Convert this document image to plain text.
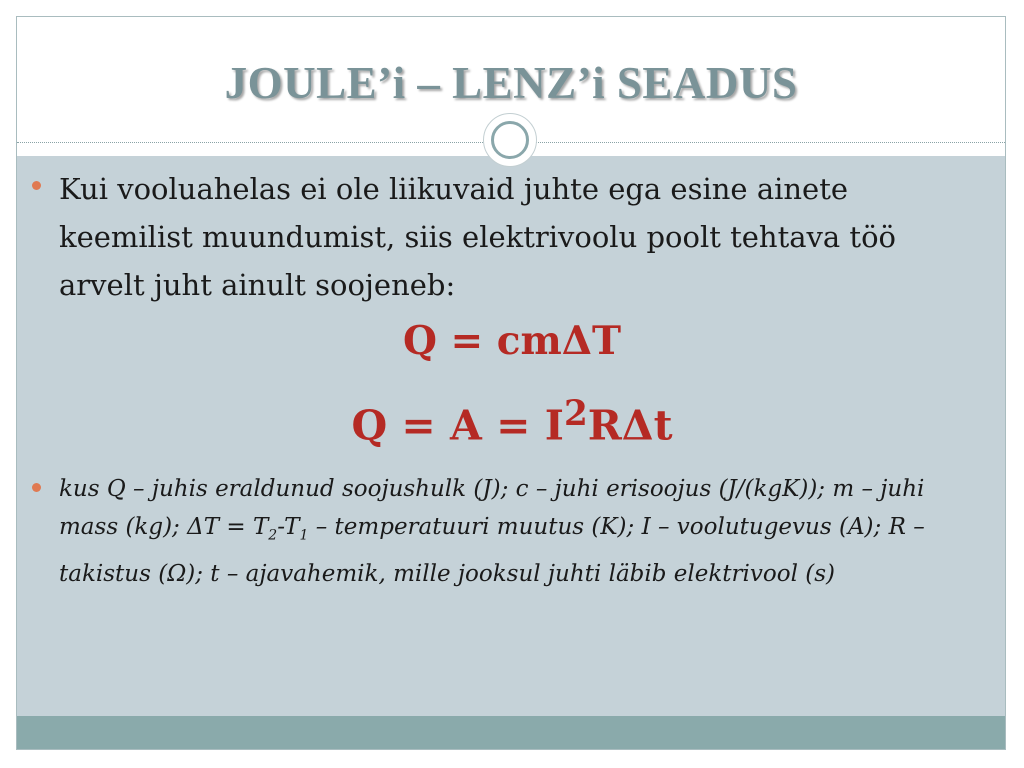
JOULE’i – LENZ’i SEADUS

Kui vooluahelas ei ole liikuvaid juhte ega esine ainete keemilist muundumist, siis elektrivoolu poolt tehtava töö arvelt juht ainult soojeneb:

Q = cmΔT

$Q = A = I^2R\Delta t$

kus Q – juhis eraldunud soojushulk (J); c – juhi erisoojus (J/(kgK)); m – juhi mass (kg); $\Delta T = T_2-T_1$ – temperatuuri muutus (K); I – voolutugevus (A); R – takistus (Ω); t – ajavahemik, mille jooksul juhti läbib elektrivool (s)
